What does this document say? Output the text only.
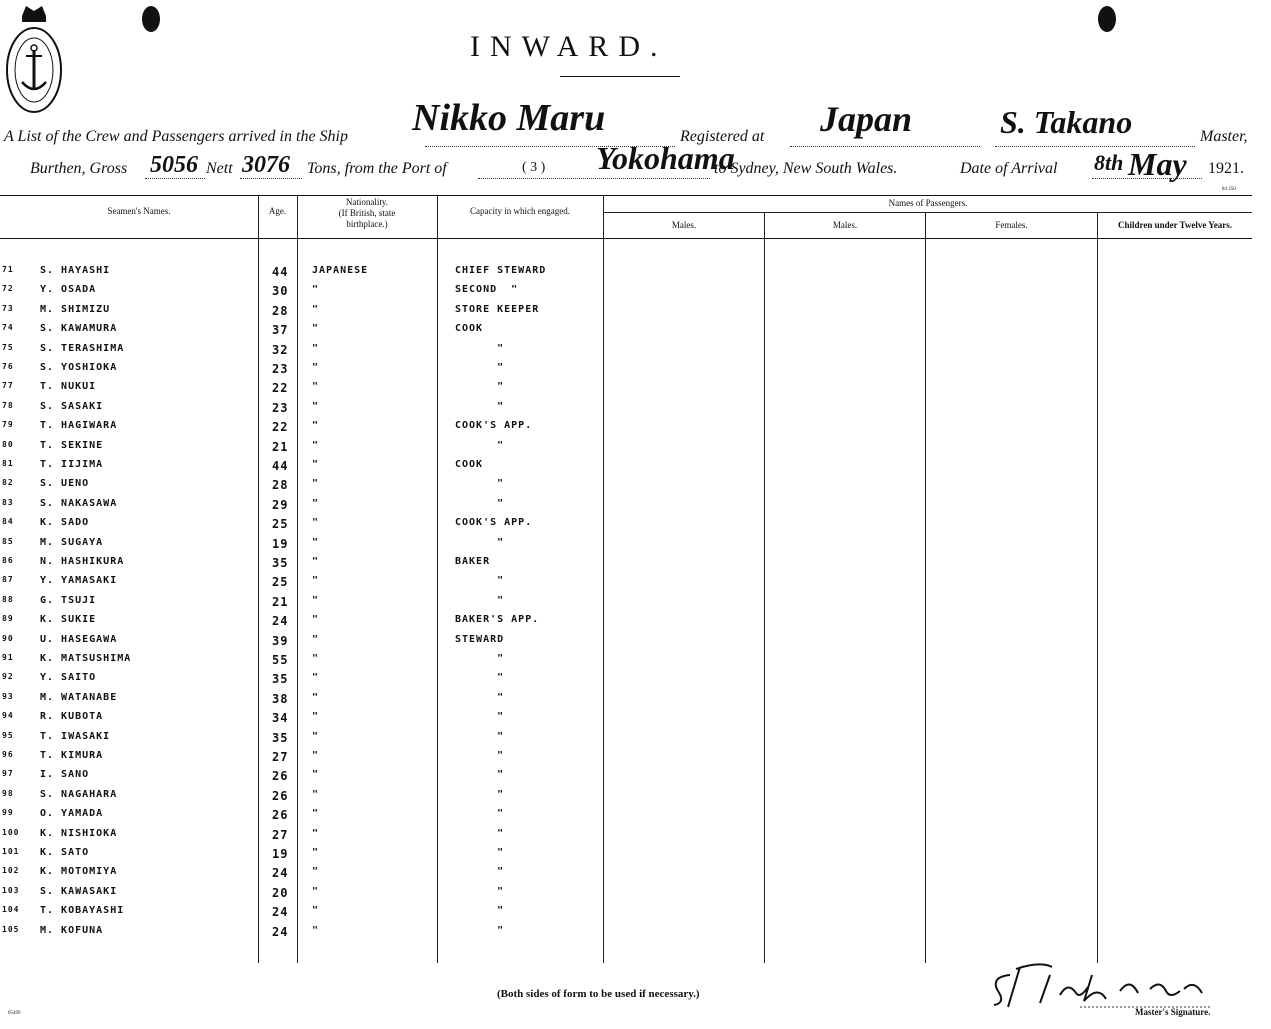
INWARD.
A List of the Crew and Passengers arrived in the Ship Nikko Maru	Registered at Japan	S. Takano	Master,
Burthen, Gross 5056 Nett 3076 Tons, from the Port of	( 3 ) Yokohama
to Sydney, New South Wales.	Date of Arrival 8th May 1921.
Seamen's Names.	Age.
Nationality.
(If British, state
birthplace.)
Capacity in which engaged.
Names of Passengers.
Males.	Males.	Females.	Children under Twelve Years.
84 250
71	S. HAYASHI	44 JAPANESE	CHIEF STEWARD
72	Y. OSADA	30 "	SECOND  "
73	M. SHIMIZU	28 "	STORE KEEPER
74	S. KAWAMURA	37 "	COOK
75	S. TERASHIMA	32 "	"
76	S. YOSHIOKA	23 "	"
77	T. NUKUI	22 "	"
78	S. SASAKI	23 "	"
79	T. HAGIWARA	22 "	COOK'S APP.
80	T. SEKINE	21 "	"
81	T. IIJIMA	44 "	COOK
82	S. UENO	28 "	"
83	S. NAKASAWA	29 "	"
84	K. SADO	25 "	COOK'S APP.
85	M. SUGAYA	19 "	"
86	N. HASHIKURA	35 "	BAKER
87	Y. YAMASAKI	25 "	"
88	G. TSUJI	21 "	"
89	K. SUKIE	24 "	BAKER'S APP.
90	U. HASEGAWA	39 "	STEWARD
91	K. MATSUSHIMA	55 "	"
92	Y. SAITO	35 "	"
93	M. WATANABE	38 "	"
94	R. KUBOTA	34 "	"
95	T. IWASAKI	35 "	"
96	T. KIMURA	27 "	"
97	I. SANO	26 "	"
98	S. NAGAHARA	26 "	"
99	O. YAMADA	26 "	"
100 K. NISHIOKA	27 "	"
101 K. SATO	19 "	"
102 K. MOTOMIYA	24 "	"
103 S. KAWASAKI	20 "	"
104 T. KOBAYASHI	24 "	"
105 M. KOFUNA	24 "	"
(Both sides of form to be used if necessary.)
Master's Signature.
05499
